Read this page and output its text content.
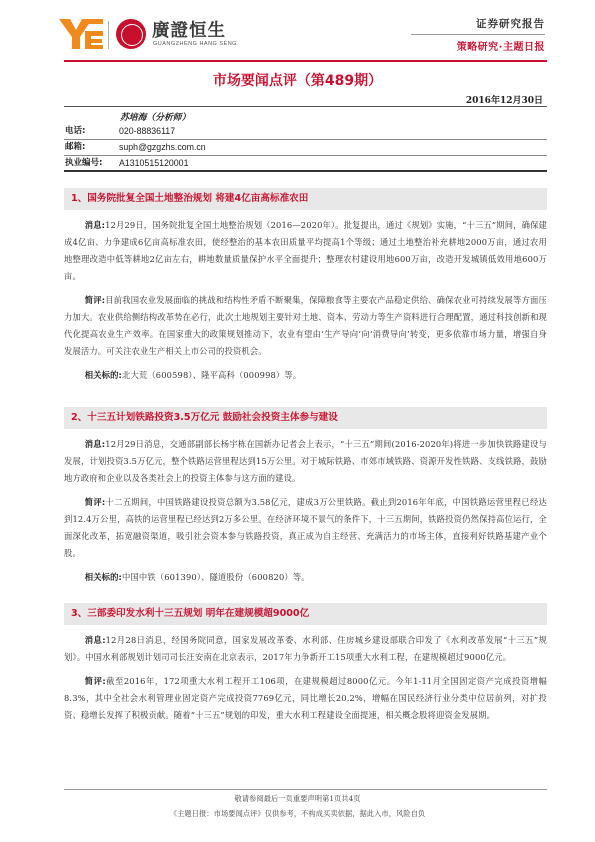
廣證恒生
GUANGZHENG HANG SENG
证券研究报告
策略研究·主题日报
市场要闻点评（第489期）
2016年12月30日
苏培海（分析师）
电话:	020-88836117
邮箱:	suph@gzgzhs.com.cn
执业编号: A1310515120001
1、国务院批复全国土地整治规划 将建4亿亩高标准农田

消息:12月29日，国务院批复全国土地整治规划（2016—2020年）。批复提出，通过《规划》实施，“十三五”期间，确保建成4亿亩、力争建成6亿亩高标准农田，使经整治的基本农田质量平均提高1个等级；通过土地整治补充耕地2000万亩，通过农用地整理改造中低等耕地2亿亩左右，耕地数量质量保护水平全面提升；整理农村建设用地600万亩，改造开发城镇低效用地600万亩。

简评:目前我国农业发展面临的挑战和结构性矛盾不断聚集，保障粮食等主要农产品稳定供给、确保农业可持续发展等方面压力加大。农业供给侧结构改革势在必行，此次土地规划主要针对土地、资本、劳动力等生产资料进行合理配置，通过科技创新和现代化提高农业生产效率。在国家重大的政策规划推动下，农业有望由‘生产导向’向‘消费导向’转变，更多依靠市场力量，增强自身发展活力。可关注农业生产相关上市公司的投资机会。

相关标的:北大荒（600598）、隆平高科（000998）等。

2、十三五计划铁路投资3.5万亿元 鼓励社会投资主体参与建设

消息:12月29日消息，交通部副部长杨宇栋在国新办记者会上表示，“十三五”期间(2016-2020年)将进一步加快铁路建设与发展，计划投资3.5万亿元，整个铁路运营里程达到15万公里。对于城际铁路、市郊市域铁路、资源开发性铁路、支线铁路，鼓励地方政府和企业以及各类社会上的投资主体参与这方面的建设。

简评:十二五期间，中国铁路建设投资总额为3.58亿元，建成3万公里铁路。截止到2016年年底，中国铁路运营里程已经达到12.4万公里，高铁的运营里程已经达到2万多公里。在经济环境不景气的条件下，十三五期间，铁路投资仍然保持高位运行，全面深化改革，拓宽融资渠道，吸引社会资本参与铁路投资，真正成为自主经营、充满活力的市场主体，直接利好铁路基建产业个股。

相关标的:中国中铁（601390）、隧道股份（600820）等。

3、三部委印发水利十三五规划 明年在建规模超9000亿

消息:12月28日消息，经国务院同意，国家发展改革委、水利部、住房城乡建设部联合印发了《水利改革发展“十三五”规划》。中国水利部规划计划司司长汪安南在北京表示，2017年力争新开工15项重大水利工程，在建规模超过9000亿元。

简评:截至2016年，172项重大水利工程开工106项，在建规模超过8000亿元。今年1-11月全国固定资产完成投资增幅8.3%，其中全社会水利管理业固定资产完成投资7769亿元，同比增长20.2%，增幅在国民经济行业分类中位居前列，对扩投资、稳增长发挥了积极贡献。随着“十三五”规划的印发，重大水利工程建设全面提速，相关概念股将迎资金发展期。

敬请参阅最后一页重要声明第1页共4页
《主题日报：市场要闻点评》仅供参考，不构成买卖依据，据此入市，风险自负
